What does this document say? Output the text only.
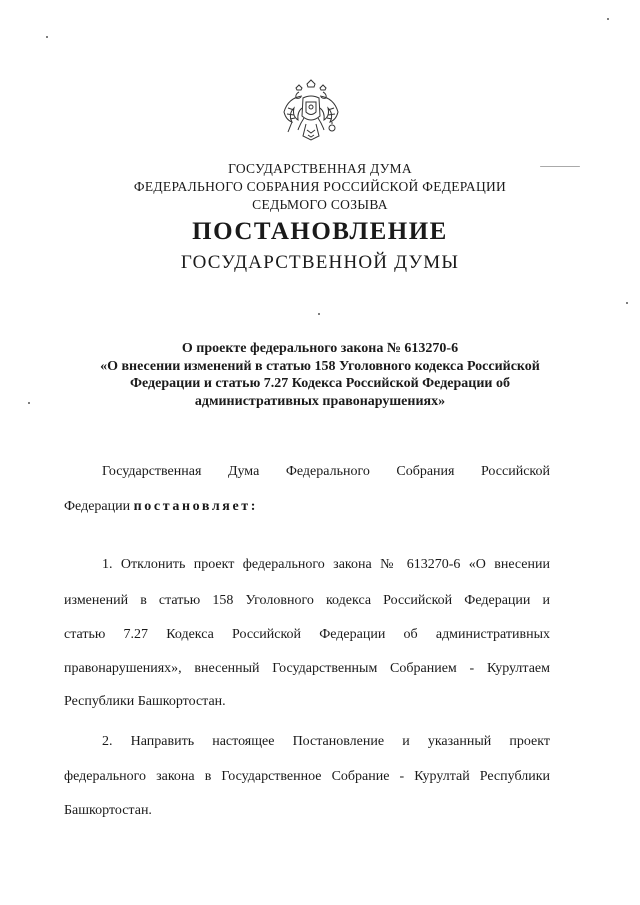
ГОСУДАРСТВЕННАЯ ДУМА
ФЕДЕРАЛЬНОГО СОБРАНИЯ РОССИЙСКОЙ ФЕДЕРАЦИИ
СЕДЬМОГО СОЗЫВА
ПОСТАНОВЛЕНИЕ
ГОСУДАРСТВЕННОЙ ДУМЫ
О проекте федерального закона № 613270-6
«О внесении изменений в статью 158 Уголовного кодекса Российской
Федерации и статью 7.27 Кодекса Российской Федерации об
административных правонарушениях»
Государственная Дума Федерального Собрания Российской
Федерации постановляет:
1. Отклонить проект федерального закона № 613270-6 «О внесении
изменений в статью 158 Уголовного кодекса Российской Федерации и
статью 7.27 Кодекса Российской Федерации об административных
правонарушениях», внесенный Государственным Собранием - Курултаем
Республики Башкортостан.
2. Направить настоящее Постановление и указанный проект
федерального закона в Государственное Собрание - Курултай Республики
Башкортостан.
